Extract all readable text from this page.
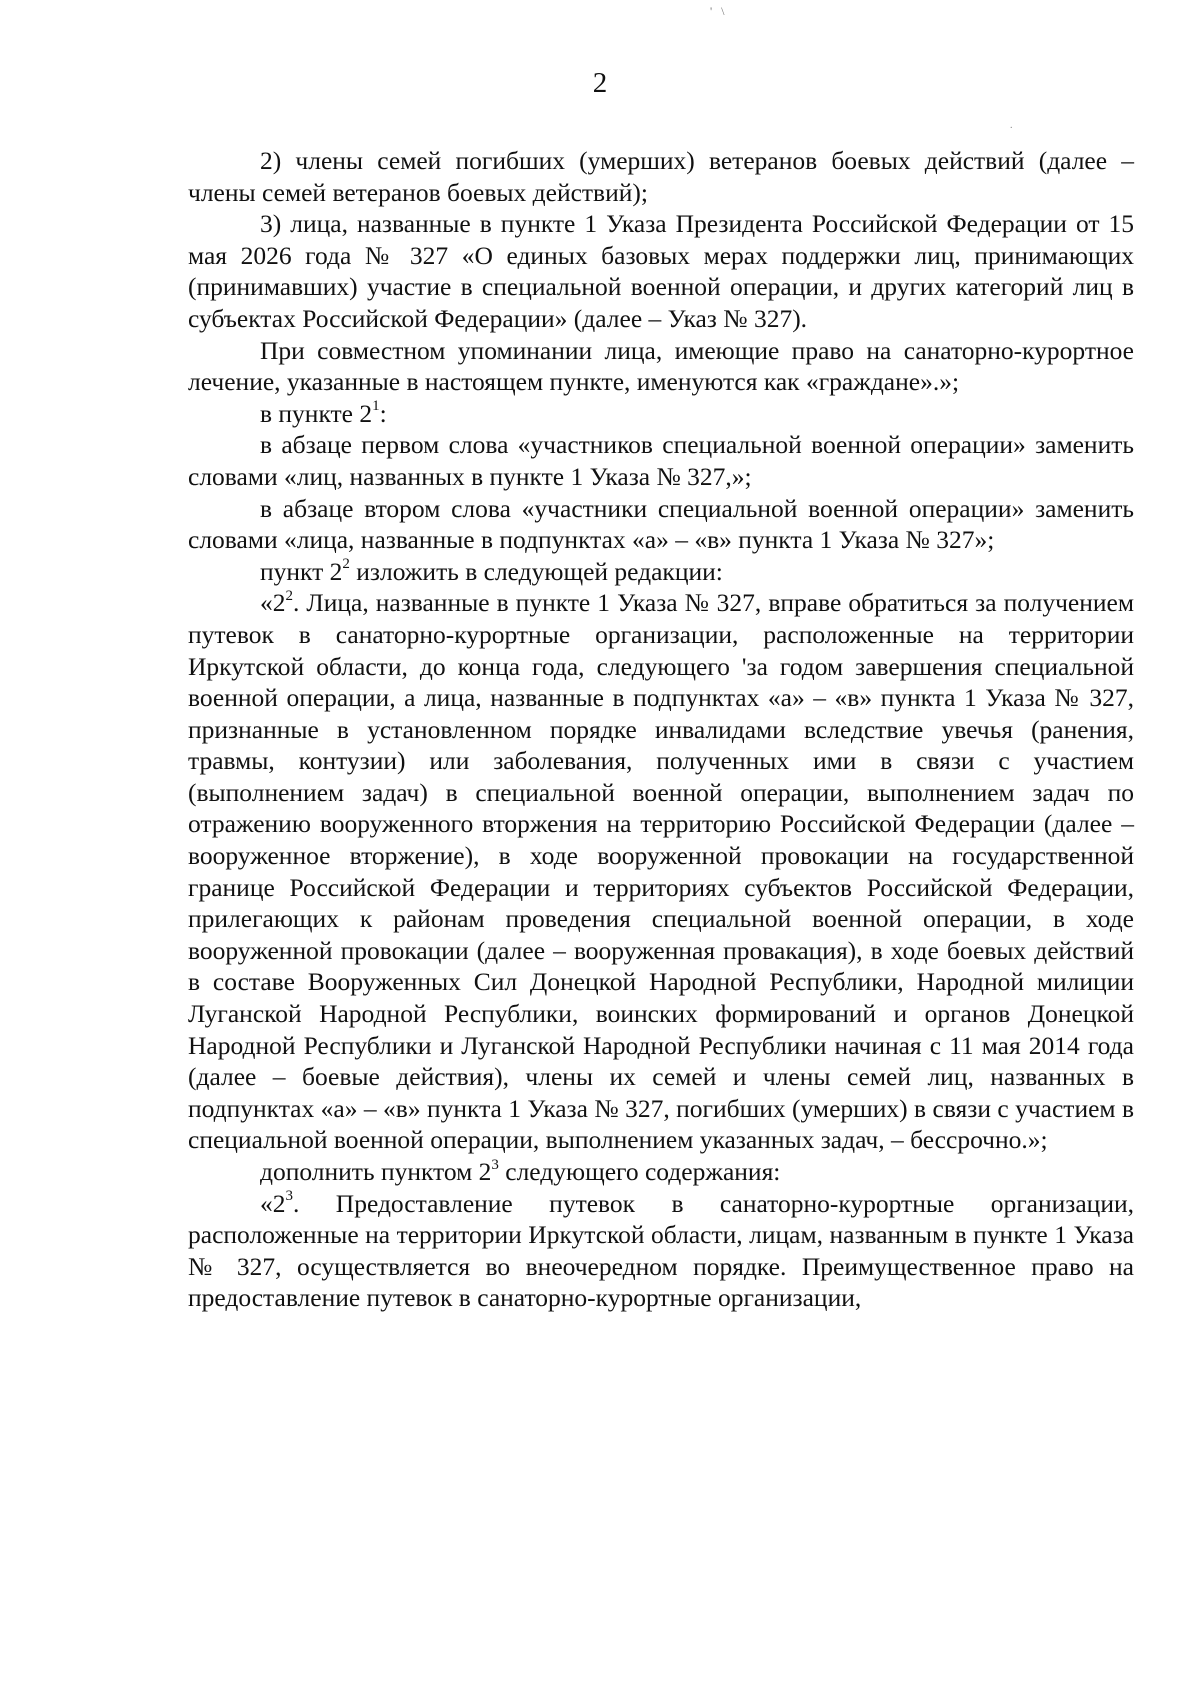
' \
.
2

2) члены семей погибших (умерших) ветеранов боевых действий (далее – члены семей ветеранов боевых действий);

3) лица, названные в пункте 1 Указа Президента Российской Федерации от 15 мая 2026 года № 327 «О единых базовых мерах поддержки лиц, принимающих (принимавших) участие в специальной военной операции, и других категорий лиц в субъектах Российской Федерации» (далее – Указ № 327).

При совместном упоминании лица, имеющие право на санаторно-курортное лечение, указанные в настоящем пункте, именуются как «граждане».»;

в пункте $2^1$:

в абзаце первом слова «участников специальной военной операции» заменить словами «лиц, названных в пункте 1 Указа № 327,»;

в абзаце втором слова «участники специальной военной операции» заменить словами «лица, названные в подпунктах «а» – «в» пункта 1 Указа № 327»;

пункт $2^2$ изложить в следующей редакции:

«$2^2$. Лица, названные в пункте 1 Указа № 327, вправе обратиться за получением путевок в санаторно-курортные организации, расположенные на территории Иркутской области, до конца года, следующего 'за годом завершения специальной военной операции, а лица, названные в подпунктах «а» – «в» пункта 1 Указа № 327, признанные в установленном порядке инвалидами вследствие увечья (ранения, травмы, контузии) или заболевания, полученных ими в связи с участием (выполнением задач) в специальной военной операции, выполнением задач по отражению вооруженного вторжения на территорию Российской Федерации (далее – вооруженное вторжение), в ходе вооруженной провокации на государственной границе Российской Федерации и территориях субъектов Российской Федерации, прилегающих к районам проведения специальной военной операции, в ходе вооруженной провокации (далее – вооруженная провакация), в ходе боевых действий в составе Вооруженных Сил Донецкой Народной Республики, Народной милиции Луганской Народной Республики, воинских формирований и органов Донецкой Народной Республики и Луганской Народной Республики начиная с 11 мая 2014 года (далее – боевые действия), члены их семей и члены семей лиц, названных в подпунктах «а» – «в» пункта 1 Указа № 327, погибших (умерших) в связи с участием в специальной военной операции, выполнением указанных задач, – бессрочно.»;

дополнить пунктом $2^3$ следующего содержания:

«$2^3$. Предоставление путевок в санаторно-курортные организации, расположенные на территории Иркутской области, лицам, названным в пункте 1 Указа № 327, осуществляется во внеочередном порядке. Преимущественное право на предоставление путевок в санаторно-курортные организации,
